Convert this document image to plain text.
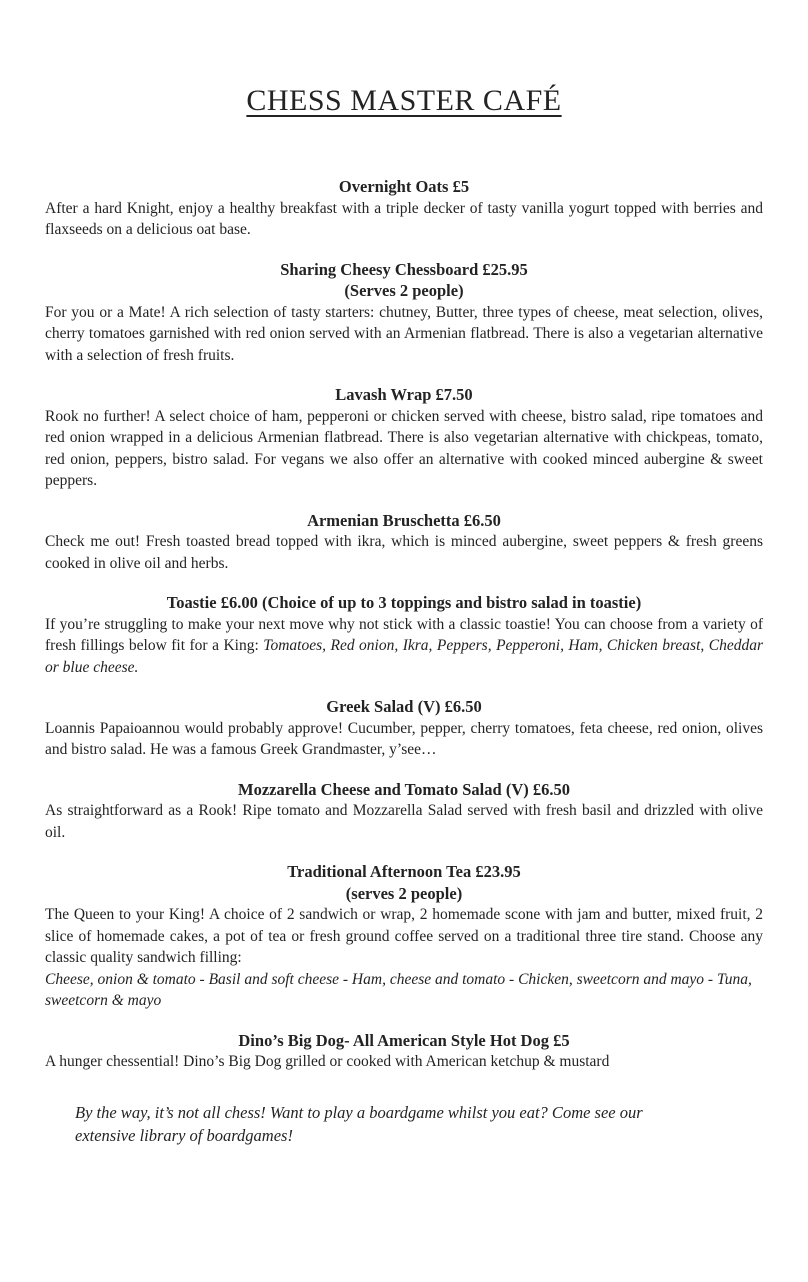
CHESS MASTER CAFÉ
Overnight Oats £5

After a hard Knight, enjoy a healthy breakfast with a triple decker of tasty vanilla yogurt topped with berries and flaxseeds on a delicious oat base.

Sharing Cheesy Chessboard £25.95
(Serves 2 people)

For you or a Mate! A rich selection of tasty starters: chutney, Butter, three types of cheese, meat selection, olives, cherry tomatoes garnished with red onion served with an Armenian flatbread. There is also a vegetarian alternative with a selection of fresh fruits.

Lavash Wrap £7.50

Rook no further! A select choice of ham, pepperoni or chicken served with cheese, bistro salad, ripe tomatoes and red onion wrapped in a delicious Armenian flatbread. There is also vegetarian alternative with chickpeas, tomato, red onion, peppers, bistro salad. For vegans we also offer an alternative with cooked minced aubergine & sweet peppers.

Armenian Bruschetta £6.50

Check me out! Fresh toasted bread topped with ikra, which is minced aubergine, sweet peppers & fresh greens cooked in olive oil and herbs.

Toastie £6.00 (Choice of up to 3 toppings and bistro salad in toastie)

If you’re struggling to make your next move why not stick with a classic toastie! You can choose from a variety of fresh fillings below fit for a King: Tomatoes, Red onion, Ikra, Peppers, Pepperoni, Ham, Chicken breast, Cheddar or blue cheese.

Greek Salad (V) £6.50

Loannis Papaioannou would probably approve! Cucumber, pepper, cherry tomatoes, feta cheese, red onion, olives and bistro salad. He was a famous Greek Grandmaster, y’see…

Mozzarella Cheese and Tomato Salad (V) £6.50

As straightforward as a Rook! Ripe tomato and Mozzarella Salad served with fresh basil and drizzled with olive oil.

Traditional Afternoon Tea £23.95
(serves 2 people)

The Queen to your King! A choice of 2 sandwich or wrap, 2 homemade scone with jam and butter, mixed fruit, 2 slice of homemade cakes, a pot of tea or fresh ground coffee served on a traditional three tire stand. Choose any classic quality sandwich filling:

Cheese, onion & tomato - Basil and soft cheese - Ham, cheese and tomato - Chicken, sweetcorn and mayo - Tuna, sweetcorn & mayo

Dino’s Big Dog- All American Style Hot Dog £5

A hunger chessential! Dino’s Big Dog grilled or cooked with American ketchup & mustard

By the way, it’s not all chess! Want to play a boardgame whilst you eat? Come see our extensive library of boardgames!
